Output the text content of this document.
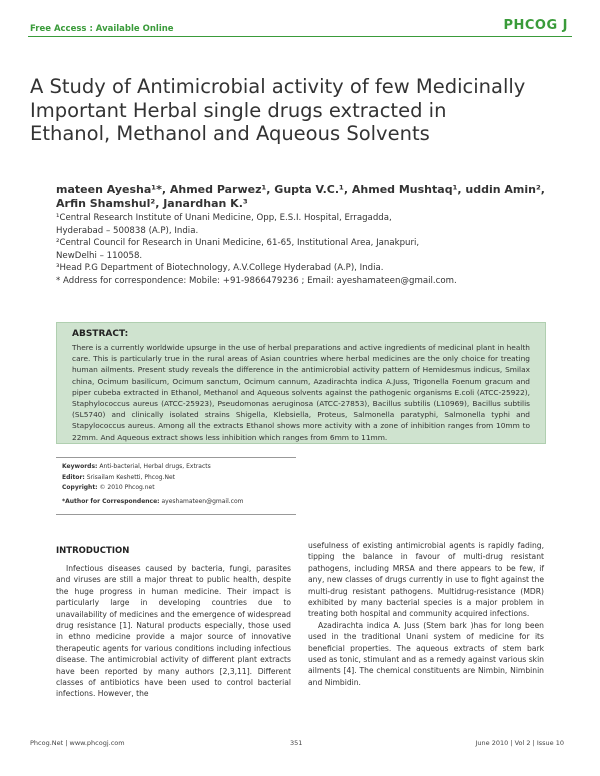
Free Access : Available Online	PHCOG J
A Study of Antimicrobial activity of few Medicinally Important Herbal single drugs extracted in Ethanol, Methanol and Aqueous Solvents
mateen Ayesha¹*, Ahmed Parwez¹, Gupta V.C.¹, Ahmed Mushtaq¹, uddin Amin²,
Arfin Shamshul², Janardhan K.³
¹Central Research Institute of Unani Medicine, Opp, E.S.I. Hospital, Erragadda,
Hyderabad – 500838 (A.P), India.
²Central Council for Research in Unani Medicine, 61-65, Institutional Area, Janakpuri,
NewDelhi – 110058.
³Head P.G Department of Biotechnology, A.V.College Hyderabad (A.P), India.
* Address for correspondence: Mobile: +91-9866479236 ; Email: ayeshamateen@gmail.com.
ABSTRACT:
There is a currently worldwide upsurge in the use of herbal preparations and active ingredients of medicinal plant in health care. This is particularly true in the rural areas of Asian countries where herbal medicines are the only choice for treating human ailments. Present study reveals the difference in the antimicrobial activity pattern of Hemidesmus indicus, Smilax china, Ocimum basilicum, Ocimum sanctum, Ocimum cannum, Azadirachta indica A.Juss, Trigonella Foenum gracum and piper cubeba extracted in Ethanol, Methanol and Aqueous solvents against the pathogenic organisms E.coli (ATCC-25922), Staphylococcus aureus (ATCC-25923), Pseudomonas aeruginosa (ATCC-27853), Bacillus subtilis (L10969), Bacillus subtilis (SL5740) and clinically isolated strains Shigella, Klebsiella, Proteus, Salmonella paratyphi, Salmonella typhi and Stapylococcus aureus. Among all the extracts Ethanol shows more activity with a zone of inhibition ranges from 10mm to 22mm. And Aqueous extract shows less inhibition which ranges from 6mm to 11mm.
Keywords: Anti-bacterial, Herbal drugs, Extracts
Editor: Srisailam Keshetti, Phcog.Net
Copyright: © 2010 Phcog.net
*Author for Correspondence: ayeshamateen@gmail.com
INTRODUCTION

Infectious diseases caused by bacteria, fungi, parasites and viruses are still a major threat to public health, despite the huge progress in human medicine. Their impact is particularly large in developing countries due to unavailability of medicines and the emergence of widespread drug resistance [1]. Natural products especially, those used in ethno medicine provide a major source of innovative therapeutic agents for various conditions including infectious disease. The antimicrobial activity of different plant extracts have been reported by many authors [2,3,11]. Different classes of antibiotics have been used to control bacterial infections. However, the

usefulness of existing antimicrobial agents is rapidly fading, tipping the balance in favour of multi-drug resistant pathogens, including MRSA and there appears to be few, if any, new classes of drugs currently in use to fight against the multi-drug resistant pathogens. Multidrug-resistance (MDR) exhibited by many bacterial species is a major problem in treating both hospital and community acquired infections.

Azadirachta indica A. Juss (Stem bark )has for long been used in the traditional Unani system of medicine for its beneficial properties. The aqueous extracts of stem bark used as tonic, stimulant and as a remedy against various skin ailments [4]. The chemical constituents are Nimbin, Nimbinin and Nimbidin.

Phcog.Net | www.phcogj.com	351	June 2010 | Vol 2 | Issue 10
